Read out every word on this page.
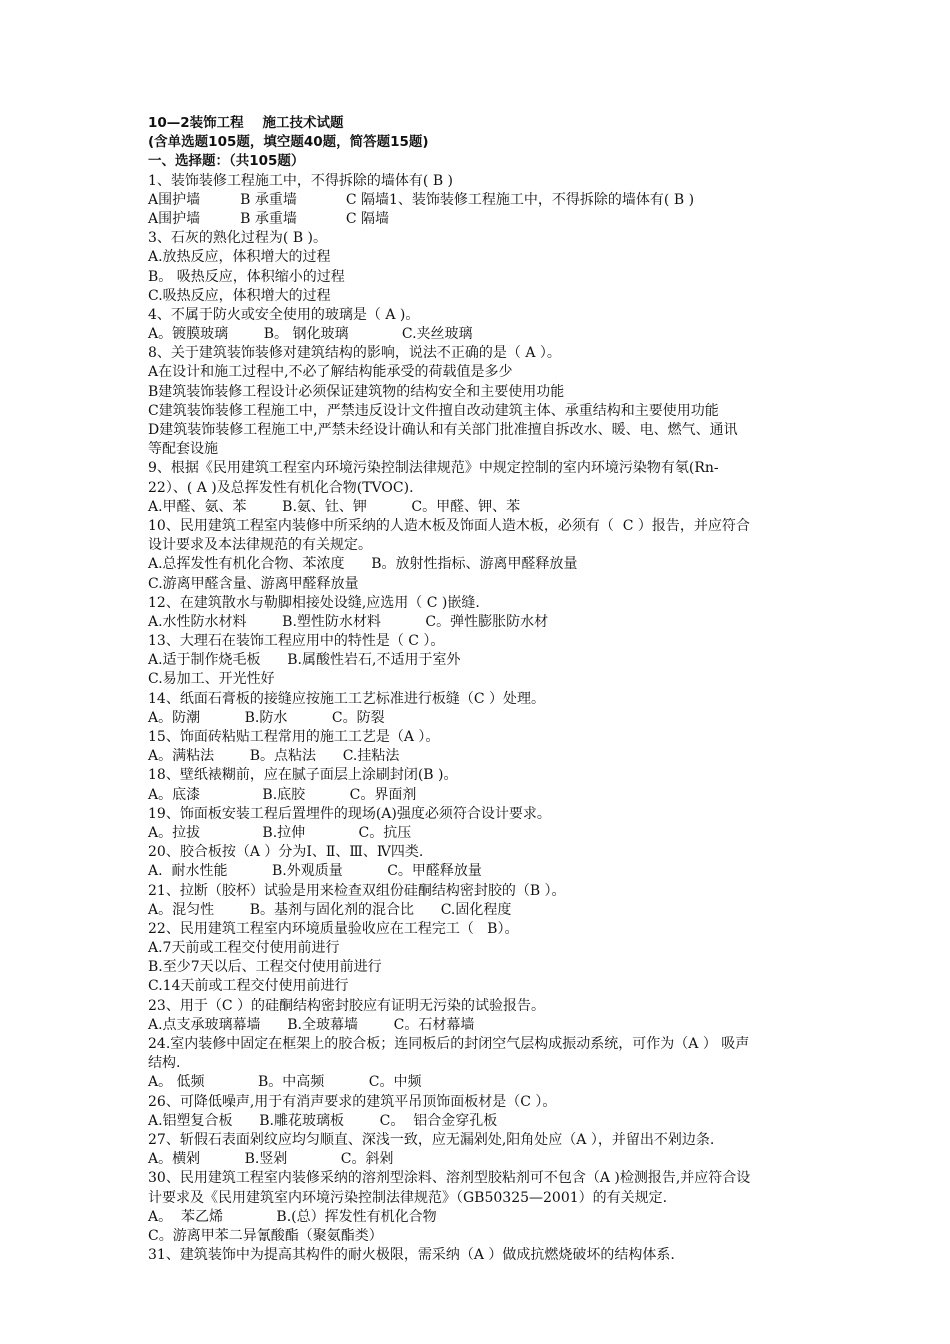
10—2装饰工程    施工技术试题
(含单选题105题，填空题40题，简答题15题)
一、选择题：（共105题）
1、装饰装修工程施工中，不得拆除的墙体有( B )
A围护墙         B 承重墙           C 隔墙1、装饰装修工程施工中，不得拆除的墙体有( B )
A围护墙         B 承重墙           C 隔墙
3、石灰的熟化过程为( B )。
A.放热反应，体积增大的过程
B。 吸热反应，体积缩小的过程
C.吸热反应，体积增大的过程
4、不属于防火或安全使用的玻璃是（ A )。
A。镀膜玻璃        B。 钢化玻璃            C.夹丝玻璃
8、关于建筑装饰装修对建筑结构的影响，说法不正确的是（ A ）。
A在设计和施工过程中,不必了解结构能承受的荷载值是多少
B建筑装饰装修工程设计必须保证建筑物的结构安全和主要使用功能
C建筑装饰装修工程施工中，严禁违反设计文件擅自改动建筑主体、承重结构和主要使用功能
D建筑装饰装修工程施工中,严禁未经设计确认和有关部门批准擅自拆改水、暖、电、燃气、通讯
等配套设施
9、根据《民用建筑工程室内环境污染控制法律规范》中规定控制的室内环境污染物有氡(Rn-
22）、( A )及总挥发性有机化合物(TVOC).
A.甲醛、氨、苯        B.氨、钍、钾          C。甲醛、钾、苯
10、民用建筑工程室内装修中所采纳的人造木板及饰面人造木板，必须有（  C ）报告，并应符合
设计要求及本法律规范的有关规定。
A.总挥发性有机化合物、苯浓度      B。放射性指标、游离甲醛释放量
C.游离甲醛含量、游离甲醛释放量
12、在建筑散水与勒脚相接处设缝,应选用（ C )嵌缝.
A.水性防水材料        B.塑性防水材料          C。弹性膨胀防水材
13、大理石在装饰工程应用中的特性是（ C ）。
A.适于制作烧毛板      B.属酸性岩石,不适用于室外
C.易加工、开光性好
14、纸面石膏板的接缝应按施工工艺标准进行板缝（C ）处理。
A。防潮          B.防水          C。防裂
15、饰面砖粘贴工程常用的施工工艺是（A ）。
A。满粘法        B。点粘法      C.挂粘法
18、壁纸裱糊前，应在腻子面层上涂刷封闭(B )。
A。底漆              B.底胶          C。界面剂
19、饰面板安装工程后置埋件的现场(A)强度必须符合设计要求。
A。拉拔              B.拉伸            C。抗压
20、胶合板按（A ）分为Ⅰ、Ⅱ、Ⅲ、Ⅳ四类.
A.  耐水性能          B.外观质量          C。甲醛释放量
21、拉断（胶杯）试验是用来检查双组份硅酮结构密封胶的（B ）。
A。混匀性        B。基剂与固化剂的混合比      C.固化程度
22、民用建筑工程室内环境质量验收应在工程完工（   B）。
A.7天前或工程交付使用前进行
B.至少7天以后、工程交付使用前进行
C.14天前或工程交付使用前进行
23、用于（C ）的硅酮结构密封胶应有证明无污染的试验报告。
A.点支承玻璃幕墙      B.全玻幕墙        C。石材幕墙
24.室内装修中固定在框架上的胶合板；连同板后的封闭空气层构成振动系统，可作为（A ） 吸声
结构.
A。 低频            B。中高频          C。中频
26、可降低噪声,用于有消声要求的建筑平吊顶饰面板材是（C ）。
A.铝塑复合板      B.雕花玻璃板        C。  铝合金穿孔板
27、斩假石表面剁纹应均匀顺直、深浅一致，应无漏剁处,阳角处应（A ），并留出不剁边条.
A。横剁          B.竖剁            C。斜剁
30、民用建筑工程室内装修采纳的溶剂型涂料、溶剂型胶粘剂可不包含（A )检测报告,并应符合设
计要求及《民用建筑室内环境污染控制法律规范》（GB50325—2001）的有关规定.
A。  苯乙烯            B.(总）挥发性有机化合物
C。游离甲苯二异氰酸酯（聚氨酯类）
31、建筑装饰中为提高其构件的耐火极限，需采纳（A ）做成抗燃烧破坏的结构体系.
